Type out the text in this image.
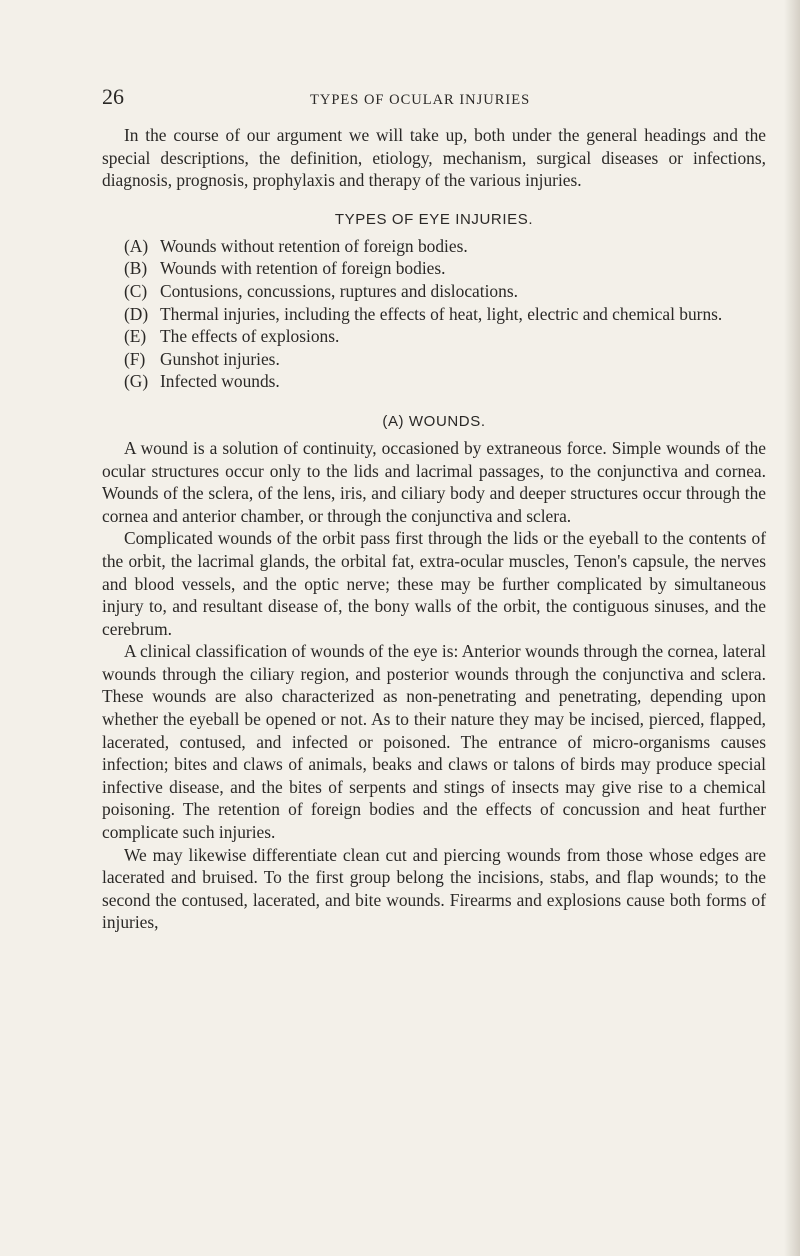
26	TYPES OF OCULAR INJURIES

In the course of our argument we will take up, both under the general headings and the special descriptions, the definition, etiology, mechanism, surgical diseases or infections, diagnosis, prognosis, prophylaxis and therapy of the various injuries.

TYPES OF EYE INJURIES.
(A) Wounds without retention of foreign bodies.
(B) Wounds with retention of foreign bodies.
(C) Contusions, concussions, ruptures and dislocations.
(D) Thermal injuries, including the effects of heat, light, electric and chemical burns.
(E) The effects of explosions.
(F) Gunshot injuries.
(G) Infected wounds.
(A) WOUNDS.

A wound is a solution of continuity, occasioned by extraneous force. Simple wounds of the ocular structures occur only to the lids and lacrimal passages, to the conjunctiva and cornea. Wounds of the sclera, of the lens, iris, and ciliary body and deeper structures occur through the cornea and anterior chamber, or through the conjunctiva and sclera.

Complicated wounds of the orbit pass first through the lids or the eyeball to the contents of the orbit, the lacrimal glands, the orbital fat, extra-ocular muscles, Tenon's capsule, the nerves and blood vessels, and the optic nerve; these may be further complicated by simultaneous injury to, and resultant disease of, the bony walls of the orbit, the contiguous sinuses, and the cerebrum.

A clinical classification of wounds of the eye is: Anterior wounds through the cornea, lateral wounds through the ciliary region, and posterior wounds through the conjunctiva and sclera. These wounds are also characterized as non-penetrating and penetrating, depending upon whether the eyeball be opened or not. As to their nature they may be incised, pierced, flapped, lacerated, contused, and infected or poisoned. The entrance of micro-organisms causes infection; bites and claws of animals, beaks and claws or talons of birds may produce special infective disease, and the bites of serpents and stings of insects may give rise to a chemical poisoning. The retention of foreign bodies and the effects of concussion and heat further complicate such injuries.

We may likewise differentiate clean cut and piercing wounds from those whose edges are lacerated and bruised. To the first group belong the incisions, stabs, and flap wounds; to the second the contused, lacerated, and bite wounds. Firearms and explosions cause both forms of injuries,
